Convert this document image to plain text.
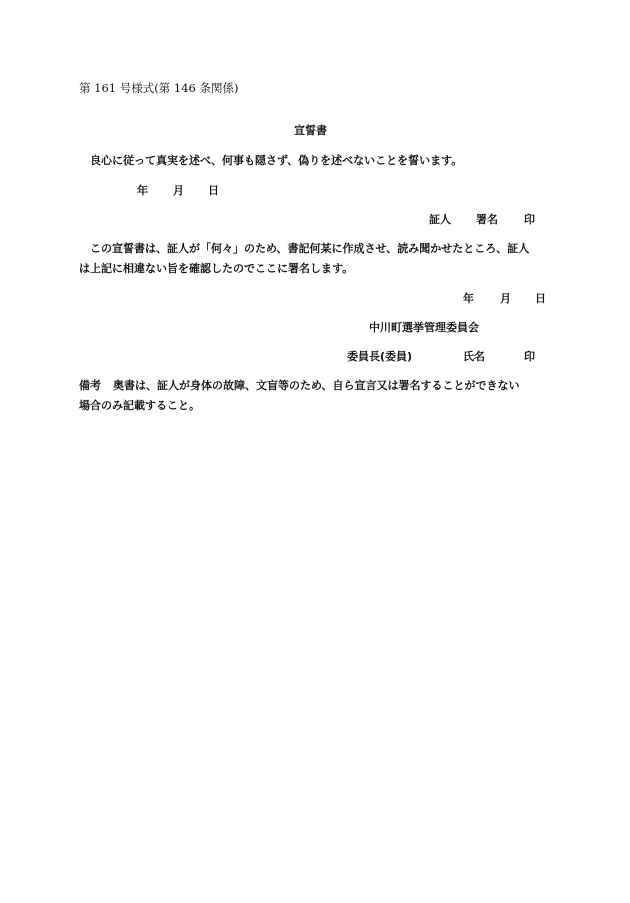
第 161 号様式(第 146 条関係)
宣誓書
良心に従って真実を述べ、何事も隠さず、偽りを述べないことを誓います。
年 月 日
証人 署名 印
この宣誓書は、証人が「何々」のため、書記何某に作成させ、読み聞かせたところ、証人
は上記に相違ない旨を確認したのでここに署名します。
年 月 日
中川町選挙管理委員会
委員長(委員)	氏名	印
備考 奥書は、証人が身体の故障、文盲等のため、自ら宣言又は署名することができない
場合のみ記載すること。
